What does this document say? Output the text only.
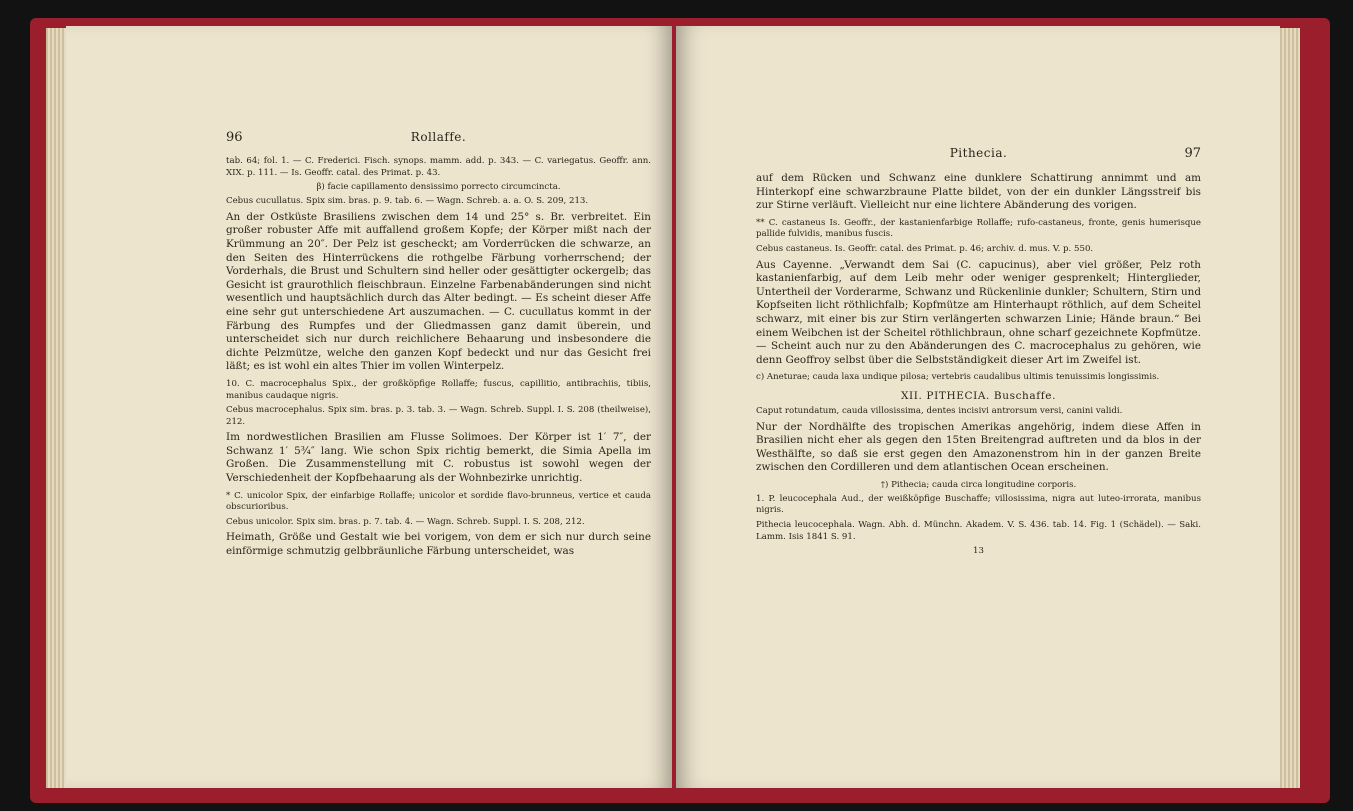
96	Rollaffe.

tab. 64; fol. 1. — C. Frederici. Fisch. synops. mamm. add. p. 343. — C. variegatus. Geoffr. ann. XIX. p. 111. — Is. Geoffr. catal. des Primat. p. 43.

β) facie capillamento densissimo porrecto circumcincta.

Cebus cucullatus. Spix sim. bras. p. 9. tab. 6. — Wagn. Schreb. a. a. O. S. 209, 213.

An der Ostküste Brasiliens zwischen dem 14 und 25° s. Br. verbreitet. Ein großer robuster Affe mit auffallend großem Kopfe; der Körper mißt nach der Krümmung an 20″. Der Pelz ist gescheckt; am Vorderrücken die schwarze, an den Seiten des Hinterrückens die rothgelbe Färbung vorherrschend; der Vorderhals, die Brust und Schultern sind heller oder gesättigter ockergelb; das Gesicht ist graurothlich fleischbraun. Einzelne Farbenabänderungen sind nicht wesentlich und hauptsächlich durch das Alter bedingt. — Es scheint dieser Affe eine sehr gut unterschiedene Art auszumachen. — C. cucullatus kommt in der Färbung des Rumpfes und der Gliedmassen ganz damit überein, und unterscheidet sich nur durch reichlichere Behaarung und insbesondere die dichte Pelzmütze, welche den ganzen Kopf bedeckt und nur das Gesicht frei läßt; es ist wohl ein altes Thier im vollen Winterpelz.

10. C. macrocephalus Spix., der großköpfige Rollaffe; fuscus, capillitio, antibrachiis, tibiis, manibus caudaque nigris.

Cebus macrocephalus. Spix sim. bras. p. 3. tab. 3. — Wagn. Schreb. Suppl. I. S. 208 (theilweise), 212.

Im nordwestlichen Brasilien am Flusse Solimoes. Der Körper ist 1′ 7″, der Schwanz 1′ 5¾″ lang. Wie schon Spix richtig bemerkt, die Simia Apella im Großen. Die Zusammenstellung mit C. robustus ist sowohl wegen der Verschiedenheit der Kopfbehaarung als der Wohnbezirke unrichtig.

* C. unicolor Spix, der einfarbige Rollaffe; unicolor et sordide flavo-brunneus, vertice et cauda obscurioribus.

Cebus unicolor. Spix sim. bras. p. 7. tab. 4. — Wagn. Schreb. Suppl. I. S. 208, 212.

Heimath, Größe und Gestalt wie bei vorigem, von dem er sich nur durch seine einförmige schmutzig gelbbräunliche Färbung unterscheidet, was

Pithecia.	97

auf dem Rücken und Schwanz eine dunklere Schattirung annimmt und am Hinterkopf eine schwarzbraune Platte bildet, von der ein dunkler Längsstreif bis zur Stirne verläuft. Vielleicht nur eine lichtere Abänderung des vorigen.

** C. castaneus Is. Geoffr., der kastanienfarbige Rollaffe; rufo-castaneus, fronte, genis humerisque pallide fulvidis, manibus fuscis.

Cebus castaneus. Is. Geoffr. catal. des Primat. p. 46; archiv. d. mus. V. p. 550.

Aus Cayenne. „Verwandt dem Sai (C. capucinus), aber viel größer, Pelz roth kastanienfarbig, auf dem Leib mehr oder weniger gesprenkelt; Hinterglieder, Untertheil der Vorderarme, Schwanz und Rückenlinie dunkler; Schultern, Stirn und Kopfseiten licht röthlichfalb; Kopfmütze am Hinterhaupt röthlich, auf dem Scheitel schwarz, mit einer bis zur Stirn verlängerten schwarzen Linie; Hände braun.“ Bei einem Weibchen ist der Scheitel röthlichbraun, ohne scharf gezeichnete Kopfmütze. — Scheint auch nur zu den Abänderungen des C. macrocephalus zu gehören, wie denn Geoffroy selbst über die Selbstständigkeit dieser Art im Zweifel ist.

c) Aneturae; cauda laxa undique pilosa; vertebris caudalibus ultimis tenuissimis longissimis.

XII. PITHECIA. Buschaffe.

Caput rotundatum, cauda villosissima, dentes incisivi antrorsum versi, canini validi.

Nur der Nordhälfte des tropischen Amerikas angehörig, indem diese Affen in Brasilien nicht eher als gegen den 15ten Breitengrad auftreten und da blos in der Westhälfte, so daß sie erst gegen den Amazonenstrom hin in der ganzen Breite zwischen den Cordilleren und dem atlantischen Ocean erscheinen.

†) Pithecia; cauda circa longitudine corporis.

1. P. leucocephala Aud., der weißköpfige Buschaffe; villosissima, nigra aut luteo-irrorata, manibus nigris.

Pithecia leucocephala. Wagn. Abh. d. Münchn. Akadem. V. S. 436. tab. 14. Fig. 1 (Schädel). — Saki. Lamm. Isis 1841 S. 91.

13
